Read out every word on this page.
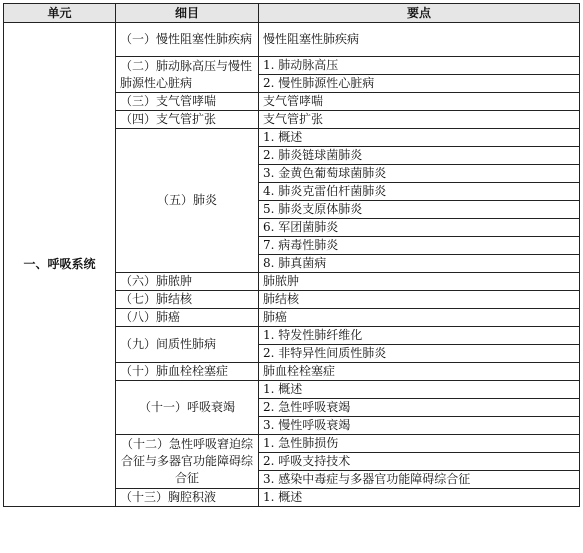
单元	细目	要点
一、呼吸系统	（一）慢性阻塞性肺疾病	慢性阻塞性肺疾病
	（二）肺动脉高压与慢性肺源性心脏病	1. 肺动脉高压
		2. 慢性肺源性心脏病
	（三）支气管哮喘	支气管哮喘
	（四）支气管扩张	支气管扩张
	（五）肺炎	1. 概述
		2. 肺炎链球菌肺炎
		3. 金黄色葡萄球菌肺炎
		4. 肺炎克雷伯杆菌肺炎
		5. 肺炎支原体肺炎
		6. 军团菌肺炎
		7. 病毒性肺炎
		8. 肺真菌病
	（六）肺脓肿	肺脓肿
	（七）肺结核	肺结核
	（八）肺癌	肺癌
	（九）间质性肺病	1. 特发性肺纤维化
		2. 非特异性间质性肺炎
	（十）肺血栓栓塞症	肺血栓栓塞症
	（十一）呼吸衰竭	1. 概述
		2. 急性呼吸衰竭
		3. 慢性呼吸衰竭
	（十二）急性呼吸窘迫综合征与多器官功能障碍综合征	1. 急性肺损伤
		2. 呼吸支持技术
		3. 感染中毒症与多器官功能障碍综合征
	（十三）胸腔积液	1. 概述
